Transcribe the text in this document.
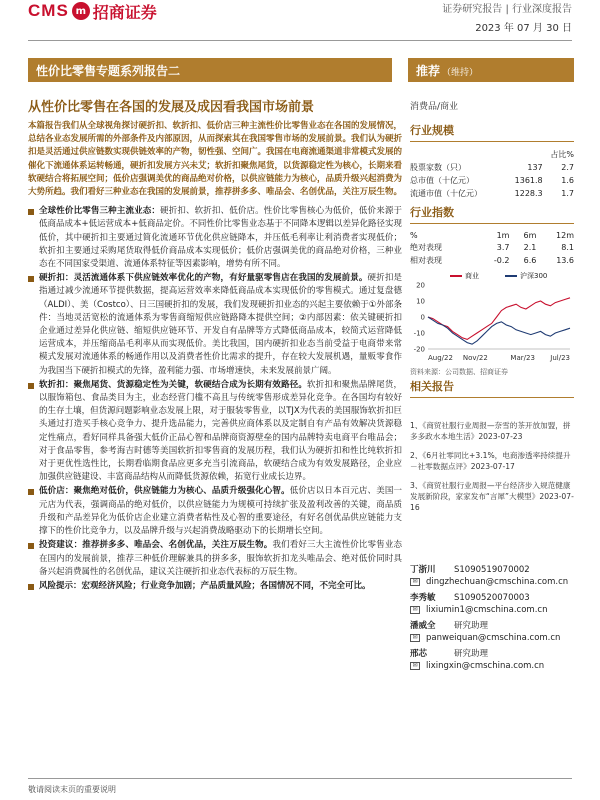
CMS m 招商证券	证券研究报告 | 行业深度报告
2023 年 07 月 30 日
性价比零售专题系列报告二	推荐 （维持）
从性价比零售在各国的发展及成因看我国市场前景	消费品/商业

本篇报告我们从全球视角探讨硬折扣、软折扣、低价店三种主流性价比零售业态在各国的发展情况，总结各业态发展所需的外部条件及内部原因，从而探索其在我国零售市场的发展前景。我们认为硬折扣是灵活通过供应链数实现供链效率的产物，韧性强、空间广。我国在电商流通渠道非常模式发展的催化下流通体系运转畅通，硬折扣发展方兴未艾；软折扣聚焦尾货，以货源稳定性为核心，长期来看软硬结合将拓展空间；低价店强调美优的商品绝对价格，以供应链能力为核心，品质升级兴起消费为大势所趋。我们看好三种业态在我国的发展前景，推荐拼多多、唯品会、名创优品，关注万辰生物。

全球性价比零售三种主流业态：硬折扣、软折扣、低价店。性价比零售核心为低价，低价来源于低商品成本+低运营成本+低商品定价。不同性价比零售业态基于不同降本逻辑以差异化路径实现低价，其中硬折扣主要通过简化流通环节优化供应链降本，并压低毛利率让利消费者实现低价；软折扣主要通过采购尾货取得低价商品成本实现低价；低价店强调美优的商品绝对价格，三种业态在不同国家受渠道、流通体系特征等因素影响，增势有所不同。
硬折扣：灵活流通体系下供应链效率优化的产物，有好量驱零售店在我国的发展前景。硬折扣是指通过减少流通环节提供数据，提高运营效率来降低商品成本实现低价的零售模式。通过复盘德（ALDI）、美（Costco）、日三国硬折扣的发展，我们发现硬折扣业态的兴起主要依赖于①外部条件：当地灵活宽松的流通体系为零售商缩短供应链路降本提供空间；②内部因素：依关键硬折扣企业通过差异化供应链、缩短供应链环节、开发自有品牌等方式降低商品成本，较简式运营降低运营成本，并压缩商品毛利率从而实现低价。美比我国，国内硬折扣业态当前受益于电商带来常模式发展对流通体系的畅通作用以及消费者性价比需求的提升，存在较大发展机遇，量贩零食作为我国当下硬折扣模式的先锋，盈利能力强、市场增速快，未来发展前景广阔。
软折扣：聚焦尾货、货源稳定性为关键，软硬结合成为长期有效路径。软折扣和聚焦品牌尾货，以服饰箱包、食品类目为主，业态经营门槛不高且与传统零售形成差异化竞争。在各国均有较好的生存土壤，但货源问题影响业态发展上限，对于服装零售业，以TJX为代表的美国服饰软折扣巨头通过打造买手核心竞争力、提升选品能力，完善供应商体系以及定制自有产品有效解决货源稳定性痛点，看好同样具备强大低价正品心智和品牌商资源壁垒的国内品牌特卖电商平台唯品会；对于食品零售，参考海吉时德等美国软折扣零售商的发展历程，我们认为硬折扣和性比纯软折扣对于更优性选性比，长期看临期食品应更多充当引流商品，软硬结合成为有效发展路径，企业应加强供应链建设、丰富商品结构从而降低货源依赖，拓宽行业成长边界。
低价店：聚焦绝对低价，供应链能力为核心、品质升级强化心智。低价店以日本百元店、美国一元店为代表，强调商品的绝对低价，以供应链能力为规模可持续扩张及盈利改善的关键，商品质升级和产品差异化为低价店企业建立消费者粘性及心智的重要途径，有好名创优品供应链能力支撑下的性价比竞争力，以及品牌升级与兴起消费战略驱动下的长期增长空间。
投资建议：推荐拼多多、唯品会、名创优品，关注万辰生物。我们看好三大主流性价比零售业态在国内的发展前景，推荐三种低价理解兼具的拼多多，服饰软折扣龙头唯品会、绝对低价同时具备兴起消费属性的名创优品，建议关注硬折扣业态代表标的万辰生物。
风险提示：宏观经济风险；行业竞争加剧；产品质量风险；各国情况不同，不完全可比。
行业规模
		占比%
股票家数（只）	137	2.7
总市值（十亿元）	1361.8	1.6
流通市值（十亿元）	1228.3	1.7
行业指数
%	1m	6m	12m
绝对表现	3.7	2.1	8.1
相对表现	-0.2	6.6	13.6
商业	沪深300
20
10
0
-10
-20
Aug/22 Nov/22	Mar/23 Jul/23
资料来源：公司数据、招商证券
相关报告
1、《商贸社服行业周报—奈雪的茶开放加盟，拼多多政水本地生活》2023-07-23
2、《6月社零同比+3.1%，电商渗透率持续提升－社零数据点评》2023-07-17
3、《商贸社服行业周报—平台经济步入规范健康发展新阶段，家家发布“言犀”大模型》2023-07-16
丁浙川	S1090519070002
✉ dingzhechuan@cmschina.com.cn
李秀敏	S1090520070003
✉ lixiumin1@cmschina.com.cn
潘威全	研究助理
✉ panweiquan@cmschina.com.cn
邢芯	研究助理
✉ lixingxin@cmschina.com.cn
敬请阅读末页的重要说明
